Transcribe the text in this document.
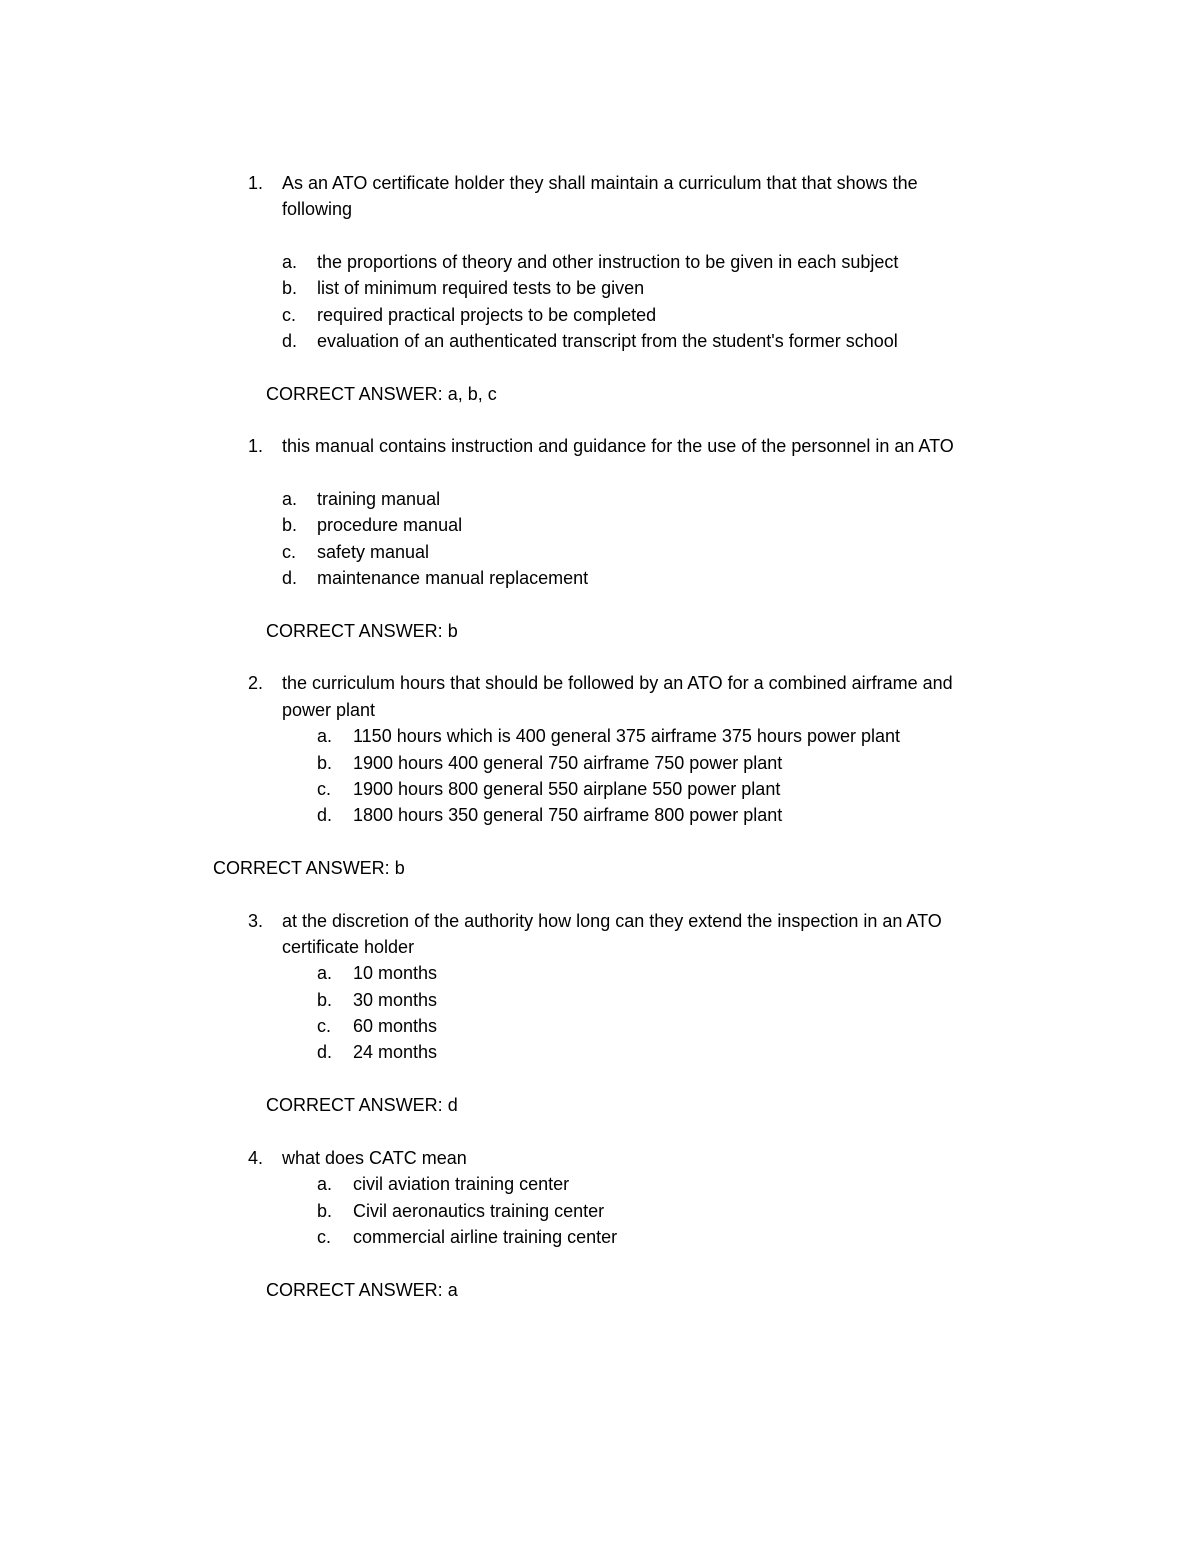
1. As an ATO certificate holder they shall maintain a curriculum that that shows the
following
a. the proportions of theory and other instruction to be given in each subject
b. list of minimum required tests to be given
c. required practical projects to be completed
d. evaluation of an authenticated transcript from the student's former school
CORRECT ANSWER: a, b, c
1. this manual contains instruction and guidance for the use of the personnel in an ATO
a. training manual
b. procedure manual
c. safety manual
d. maintenance manual replacement
CORRECT ANSWER: b
2. the curriculum hours that should be followed by an ATO for a combined airframe and
power plant
a. 1150 hours which is 400 general 375 airframe 375 hours power plant
b. 1900 hours 400 general 750 airframe 750 power plant
c. 1900 hours 800 general 550 airplane 550 power plant
d. 1800 hours 350 general 750 airframe 800 power plant
CORRECT ANSWER: b
3. at the discretion of the authority how long can they extend the inspection in an ATO
certificate holder
a. 10 months
b. 30 months
c. 60 months
d. 24 months
CORRECT ANSWER: d
4. what does CATC mean
a. civil aviation training center
b. Civil aeronautics training center
c. commercial airline training center
CORRECT ANSWER: a
